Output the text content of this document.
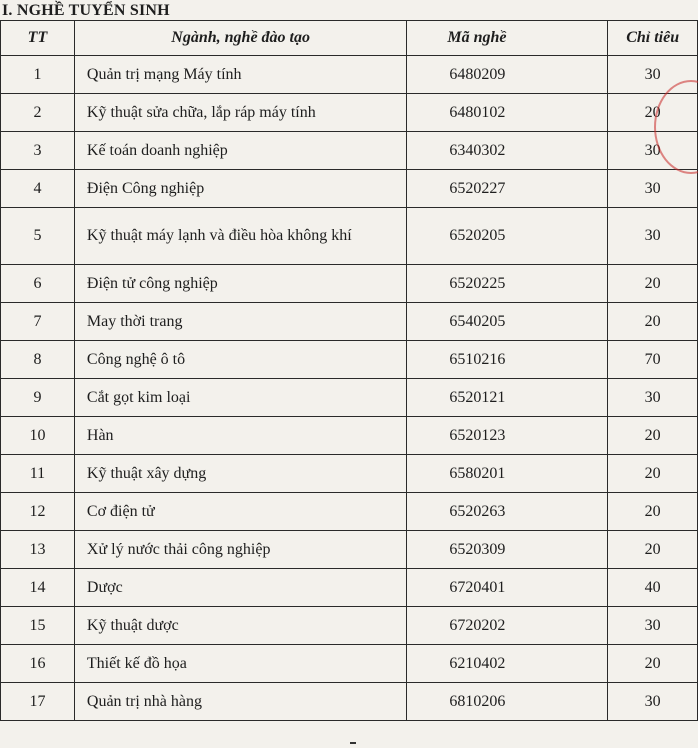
I. NGHỀ TUYỂN SINH
TT	Ngành, nghề đào tạo	Mã nghề	Chỉ tiêu
1	Quản trị mạng Máy tính	6480209	30
2	Kỹ thuật sửa chữa, lắp ráp máy tính	6480102	20
3	Kế toán doanh nghiệp	6340302	30
4	Điện Công nghiệp	6520227	30
5	Kỹ thuật máy lạnh và điều hòa không khí	6520205	30
6	Điện tử công nghiệp	6520225	20
7	May thời trang	6540205	20
8	Công nghệ ô tô	6510216	70
9	Cắt gọt kim loại	6520121	30
10	Hàn	6520123	20
11	Kỹ thuật xây dựng	6580201	20
12	Cơ điện tử	6520263	20
13	Xử lý nước thải công nghiệp	6520309	20
14	Dược	6720401	40
15	Kỹ thuật dược	6720202	30
16	Thiết kế đồ họa	6210402	20
17	Quản trị nhà hàng	6810206	30
